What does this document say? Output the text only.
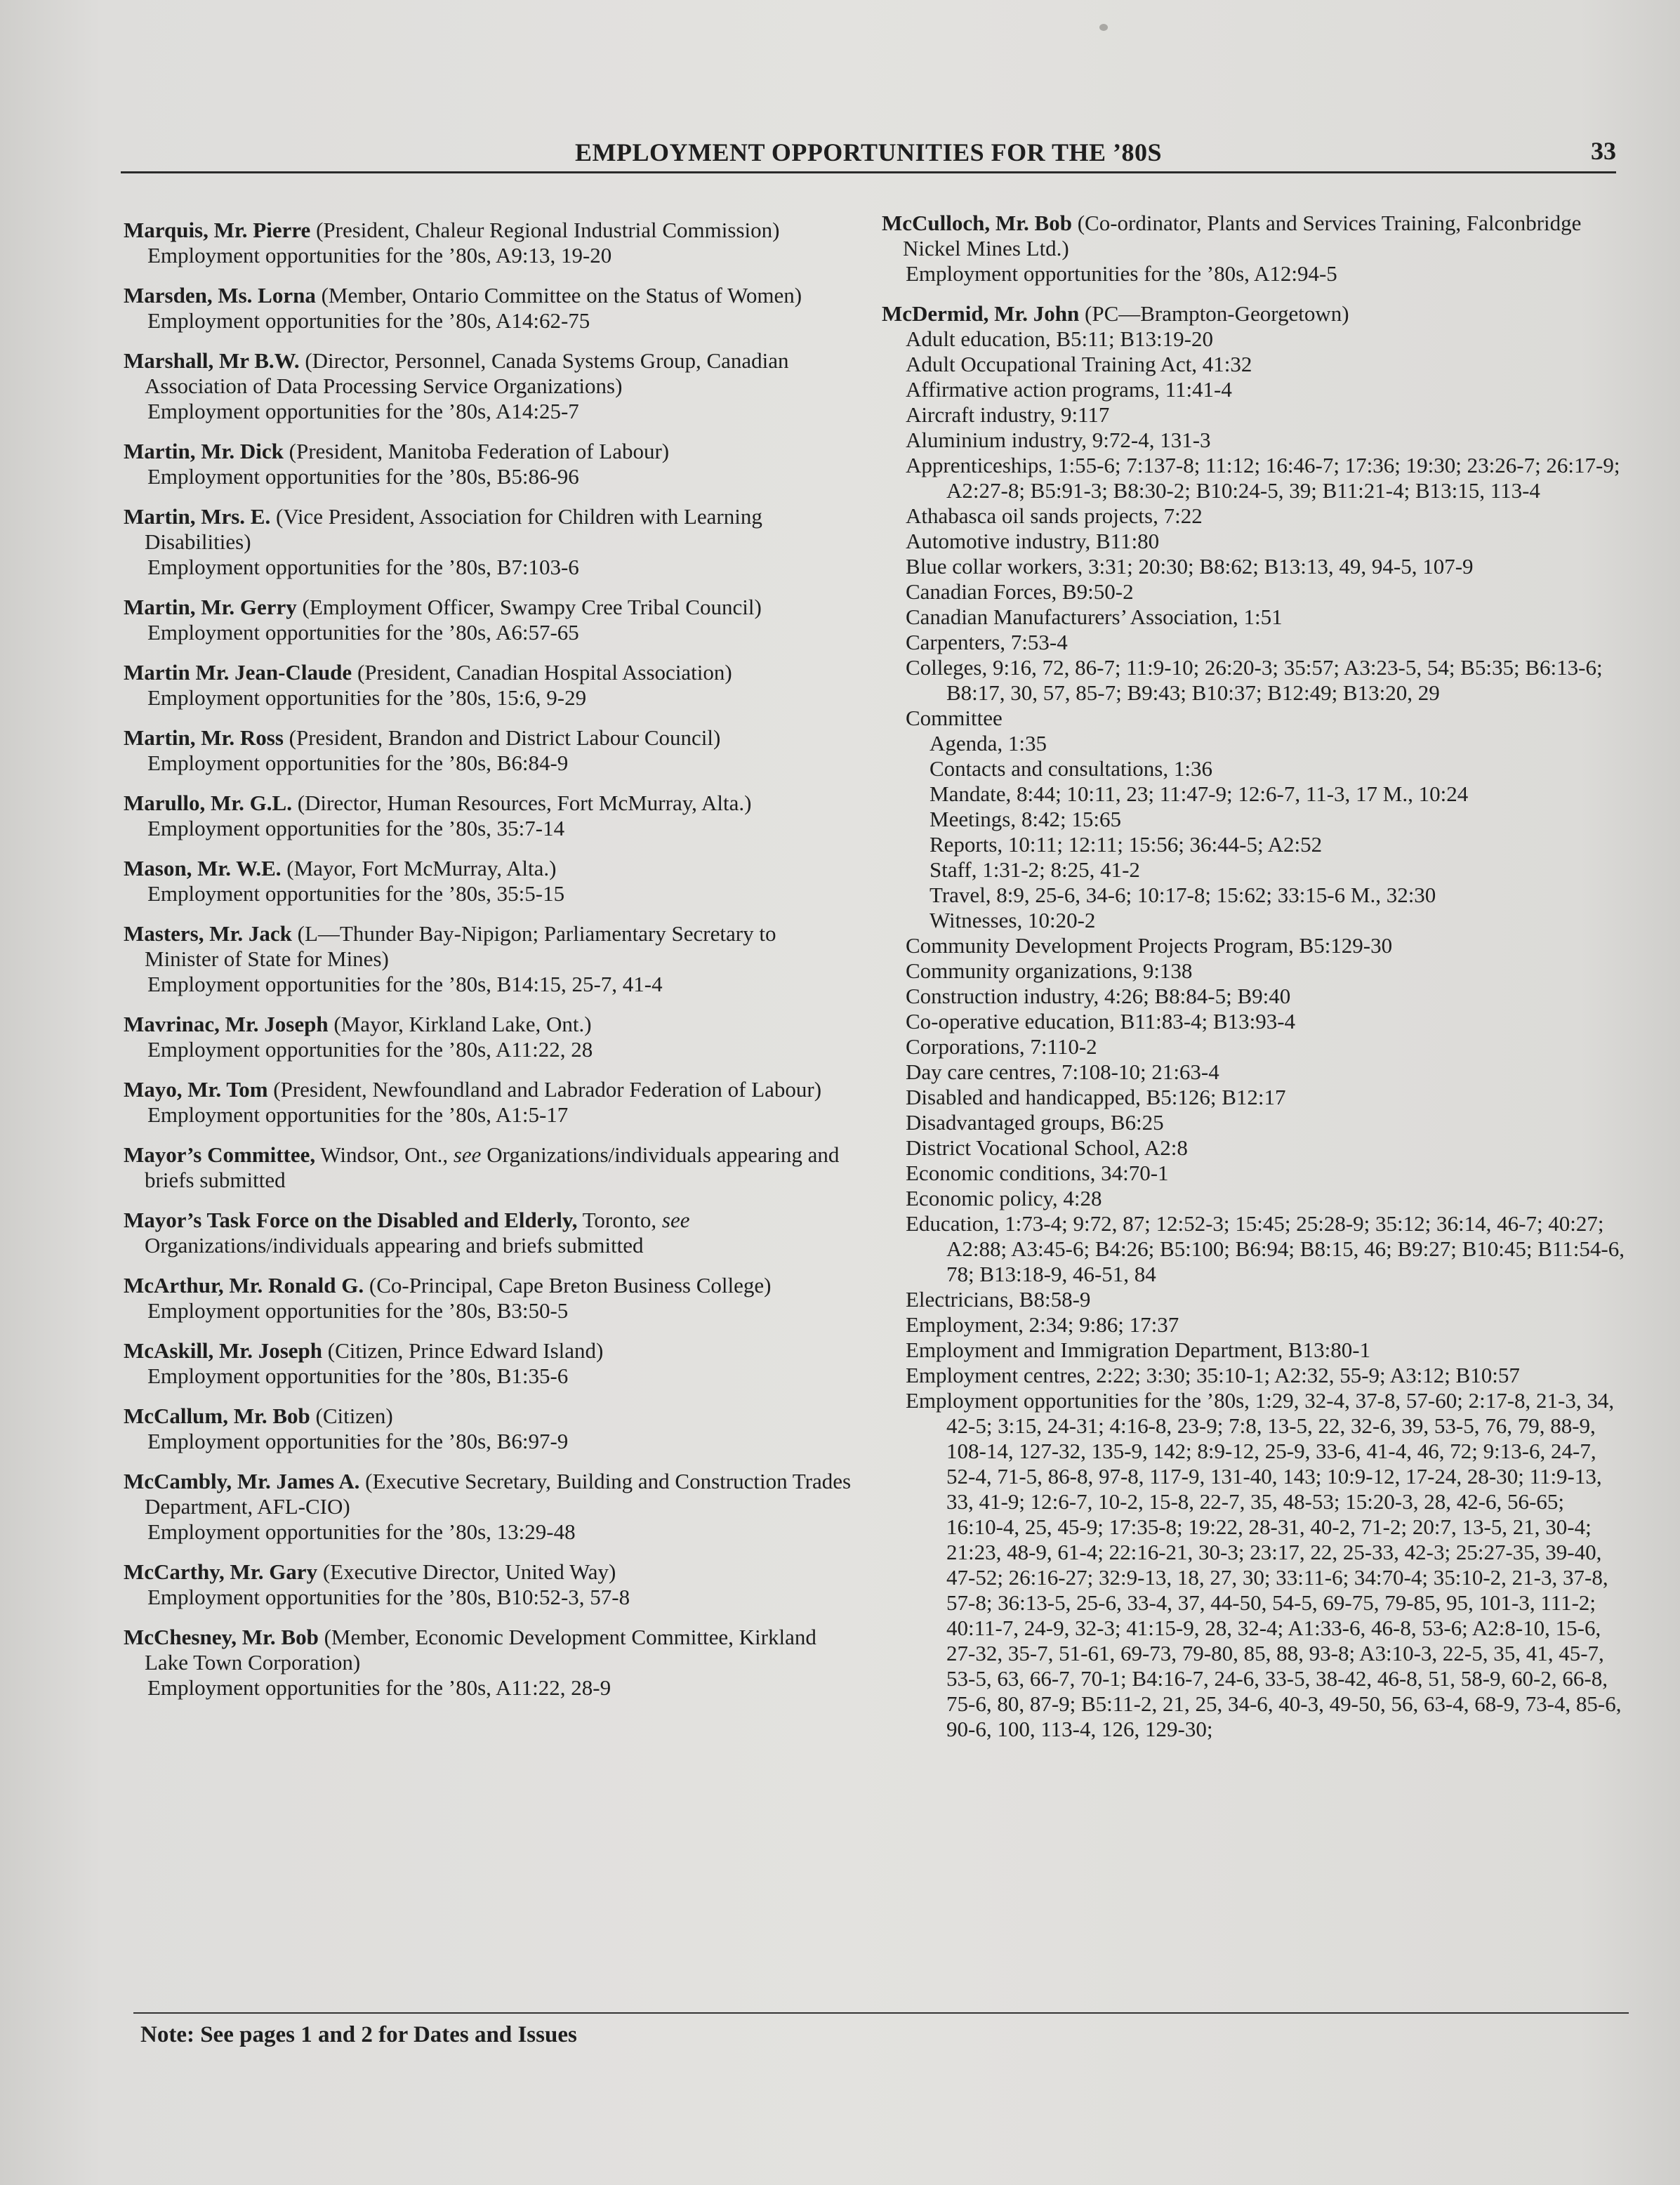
EMPLOYMENT OPPORTUNITIES FOR THE ’80S	33
Marquis, Mr. Pierre (President, Chaleur Regional Industrial Commission)
Employment opportunities for the ’80s, A9:13, 19-20
Marsden, Ms. Lorna (Member, Ontario Committee on the Status of Women)
Employment opportunities for the ’80s, A14:62-75
Marshall, Mr B.W. (Director, Personnel, Canada Systems Group, Canadian Association of Data Processing Service Organizations)
Employment opportunities for the ’80s, A14:25-7
Martin, Mr. Dick (President, Manitoba Federation of Labour)
Employment opportunities for the ’80s, B5:86-96
Martin, Mrs. E. (Vice President, Association for Children with Learning Disabilities)
Employment opportunities for the ’80s, B7:103-6
Martin, Mr. Gerry (Employment Officer, Swampy Cree Tribal Council)
Employment opportunities for the ’80s, A6:57-65
Martin Mr. Jean-Claude (President, Canadian Hospital Association)
Employment opportunities for the ’80s, 15:6, 9-29
Martin, Mr. Ross (President, Brandon and District Labour Council)
Employment opportunities for the ’80s, B6:84-9
Marullo, Mr. G.L. (Director, Human Resources, Fort McMurray, Alta.)
Employment opportunities for the ’80s, 35:7-14
Mason, Mr. W.E. (Mayor, Fort McMurray, Alta.)
Employment opportunities for the ’80s, 35:5-15
Masters, Mr. Jack (L—Thunder Bay-Nipigon; Parliamentary Secretary to Minister of State for Mines)
Employment opportunities for the ’80s, B14:15, 25-7, 41-4
Mavrinac, Mr. Joseph (Mayor, Kirkland Lake, Ont.)
Employment opportunities for the ’80s, A11:22, 28
Mayo, Mr. Tom (President, Newfoundland and Labrador Federation of Labour)
Employment opportunities for the ’80s, A1:5-17
Mayor’s Committee, Windsor, Ont., see Organizations/individuals appearing and briefs submitted
Mayor’s Task Force on the Disabled and Elderly, Toronto, see Organizations/individuals appearing and briefs submitted
McArthur, Mr. Ronald G. (Co-Principal, Cape Breton Business College)
Employment opportunities for the ’80s, B3:50-5
McAskill, Mr. Joseph (Citizen, Prince Edward Island)
Employment opportunities for the ’80s, B1:35-6
McCallum, Mr. Bob (Citizen)
Employment opportunities for the ’80s, B6:97-9
McCambly, Mr. James A. (Executive Secretary, Building and Construction Trades Department, AFL-CIO)
Employment opportunities for the ’80s, 13:29-48
McCarthy, Mr. Gary (Executive Director, United Way)
Employment opportunities for the ’80s, B10:52-3, 57-8
McChesney, Mr. Bob (Member, Economic Development Committee, Kirkland Lake Town Corporation)
Employment opportunities for the ’80s, A11:22, 28-9
McCulloch, Mr. Bob (Co-ordinator, Plants and Services Training, Falconbridge Nickel Mines Ltd.)
Employment opportunities for the ’80s, A12:94-5
McDermid, Mr. John (PC—Brampton-Georgetown)
Adult education, B5:11; B13:19-20
Adult Occupational Training Act, 41:32
Affirmative action programs, 11:41-4
Aircraft industry, 9:117
Aluminium industry, 9:72-4, 131-3
Apprenticeships, 1:55-6; 7:137-8; 11:12; 16:46-7; 17:36; 19:30; 23:26-7; 26:17-9; A2:27-8; B5:91-3; B8:30-2; B10:24-5, 39; B11:21-4; B13:15, 113-4
Athabasca oil sands projects, 7:22
Automotive industry, B11:80
Blue collar workers, 3:31; 20:30; B8:62; B13:13, 49, 94-5, 107-9
Canadian Forces, B9:50-2
Canadian Manufacturers’ Association, 1:51
Carpenters, 7:53-4
Colleges, 9:16, 72, 86-7; 11:9-10; 26:20-3; 35:57; A3:23-5, 54; B5:35; B6:13-6; B8:17, 30, 57, 85-7; B9:43; B10:37; B12:49; B13:20, 29
Committee
Agenda, 1:35
Contacts and consultations, 1:36
Mandate, 8:44; 10:11, 23; 11:47-9; 12:6-7, 11-3, 17 M., 10:24
Meetings, 8:42; 15:65
Reports, 10:11; 12:11; 15:56; 36:44-5; A2:52
Staff, 1:31-2; 8:25, 41-2
Travel, 8:9, 25-6, 34-6; 10:17-8; 15:62; 33:15-6 M., 32:30
Witnesses, 10:20-2
Community Development Projects Program, B5:129-30
Community organizations, 9:138
Construction industry, 4:26; B8:84-5; B9:40
Co-operative education, B11:83-4; B13:93-4
Corporations, 7:110-2
Day care centres, 7:108-10; 21:63-4
Disabled and handicapped, B5:126; B12:17
Disadvantaged groups, B6:25
District Vocational School, A2:8
Economic conditions, 34:70-1
Economic policy, 4:28
Education, 1:73-4; 9:72, 87; 12:52-3; 15:45; 25:28-9; 35:12; 36:14, 46-7; 40:27; A2:88; A3:45-6; B4:26; B5:100; B6:94; B8:15, 46; B9:27; B10:45; B11:54-6, 78; B13:18-9, 46-51, 84
Electricians, B8:58-9
Employment, 2:34; 9:86; 17:37
Employment and Immigration Department, B13:80-1
Employment centres, 2:22; 3:30; 35:10-1; A2:32, 55-9; A3:12; B10:57
Employment opportunities for the ’80s, 1:29, 32-4, 37-8, 57-60; 2:17-8, 21-3, 34, 42-5; 3:15, 24-31; 4:16-8, 23-9; 7:8, 13-5, 22, 32-6, 39, 53-5, 76, 79, 88-9, 108-14, 127-32, 135-9, 142; 8:9-12, 25-9, 33-6, 41-4, 46, 72; 9:13-6, 24-7, 52-4, 71-5, 86-8, 97-8, 117-9, 131-40, 143; 10:9-12, 17-24, 28-30; 11:9-13, 33, 41-9; 12:6-7, 10-2, 15-8, 22-7, 35, 48-53; 15:20-3, 28, 42-6, 56-65; 16:10-4, 25, 45-9; 17:35-8; 19:22, 28-31, 40-2, 71-2; 20:7, 13-5, 21, 30-4; 21:23, 48-9, 61-4; 22:16-21, 30-3; 23:17, 22, 25-33, 42-3; 25:27-35, 39-40, 47-52; 26:16-27; 32:9-13, 18, 27, 30; 33:11-6; 34:70-4; 35:10-2, 21-3, 37-8, 57-8; 36:13-5, 25-6, 33-4, 37, 44-50, 54-5, 69-75, 79-85, 95, 101-3, 111-2; 40:11-7, 24-9, 32-3; 41:15-9, 28, 32-4; A1:33-6, 46-8, 53-6; A2:8-10, 15-6, 27-32, 35-7, 51-61, 69-73, 79-80, 85, 88, 93-8; A3:10-3, 22-5, 35, 41, 45-7, 53-5, 63, 66-7, 70-1; B4:16-7, 24-6, 33-5, 38-42, 46-8, 51, 58-9, 60-2, 66-8, 75-6, 80, 87-9; B5:11-2, 21, 25, 34-6, 40-3, 49-50, 56, 63-4, 68-9, 73-4, 85-6, 90-6, 100, 113-4, 126, 129-30;
Note: See pages 1 and 2 for Dates and Issues
